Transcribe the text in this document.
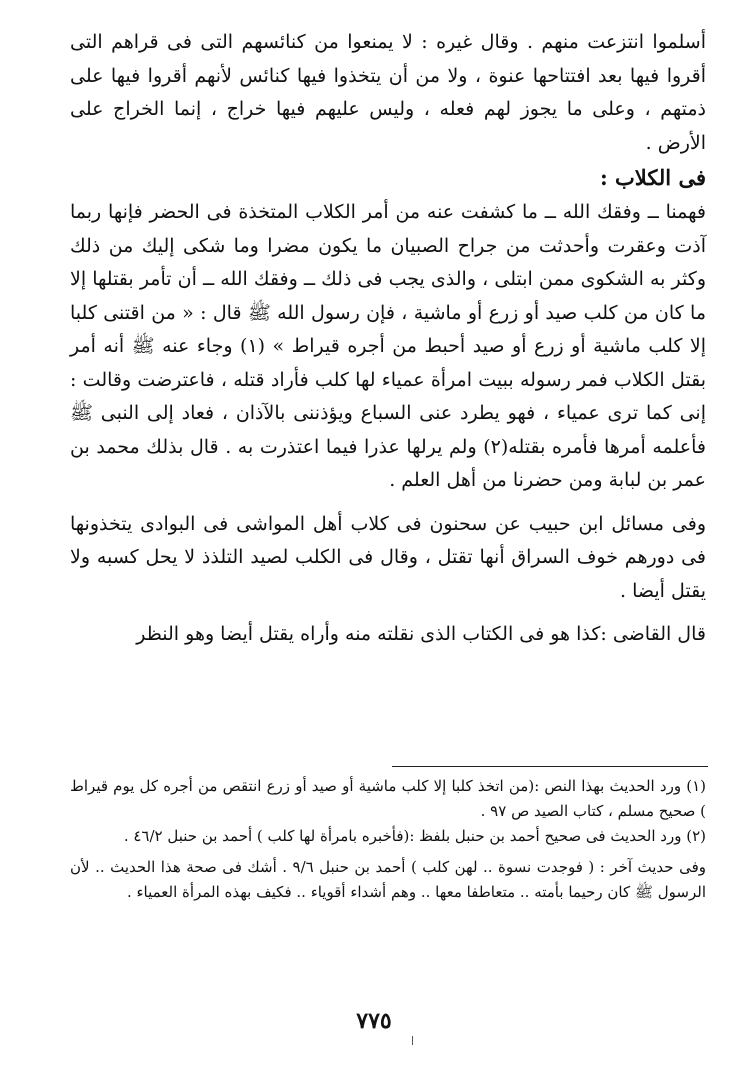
أسلموا انتزعت منهم . وقال غيره : لا يمنعوا من كنائسهم التى فى قراهم التى أقروا فيها بعد افتتاحها عنوة ، ولا من أن يتخذوا فيها كنائس لأنهم أقروا فيها على ذمتهم ، وعلى ما يجوز لهم فعله ، وليس عليهم فيها خراج ، إنما الخراج على الأرض .

فى الكلاب :

فهمنا ــ وفقك الله ــ ما كشفت عنه من أمر الكلاب المتخذة فى الحضر فإنها ربما آذت وعقرت وأحدثت من جراح الصبيان ما يكون مضرا وما شكى إليك من ذلك وكثر به الشكوى ممن ابتلى ، والذى يجب فى ذلك ــ وفقك الله ــ أن تأمر بقتلها إلا ما كان من كلب صيد أو زرع أو ماشية ، فإن رسول الله ﷺ قال : « من اقتنى كلبا إلا كلب ماشية أو زرع أو صيد أحبط من أجره قيراط » (١) وجاء عنه ﷺ أنه أمر بقتل الكلاب فمر رسوله ببيت امرأة عمياء لها كلب فأراد قتله ، فاعترضت وقالت : إنى كما ترى عمياء ، فهو يطرد عنى السباع ويؤذننى بالآذان ، فعاد إلى النبى ﷺ فأعلمه أمرها فأمره بقتله(٢) ولم يرلها عذرا فيما اعتذرت به . قال بذلك محمد بن عمر بن لبابة ومن حضرنا من أهل العلم .

وفى مسائل ابن حبيب عن سحنون فى كلاب أهل المواشى فى البوادى يتخذونها فى دورهم خوف السراق أنها تقتل ، وقال فى الكلب لصيد التلذذ لا يحل كسبه ولا يقتل أيضا .

قال القاضى :كذا هو فى الكتاب الذى نقلته منه وأراه يقتل أيضا وهو النظر

(١) ورد الحديث بهذا النص :(من اتخذ كلبا إلا كلب ماشية أو صيد أو زرع انتقص من أجره كل يوم قيراط ) صحيح مسلم ، كتاب الصيد ص ٩٧ .

(٢) ورد الحديث فى صحيح أحمد بن حنبل بلفظ :(فأخبره بامرأة لها كلب ) أحمد بن حنبل ٤٦/٢ .

وفى حديث آخر : ( فوجدت نسوة .. لهن كلب ) أحمد بن حنبل ٩/٦ . أشك فى صحة هذا الحديث .. لأن الرسول ﷺ كان رحيما بأمته .. متعاطفا معها .. وهم أشداء أقوياء .. فكيف بهذه المرأة العمياء .

٧٧٥
